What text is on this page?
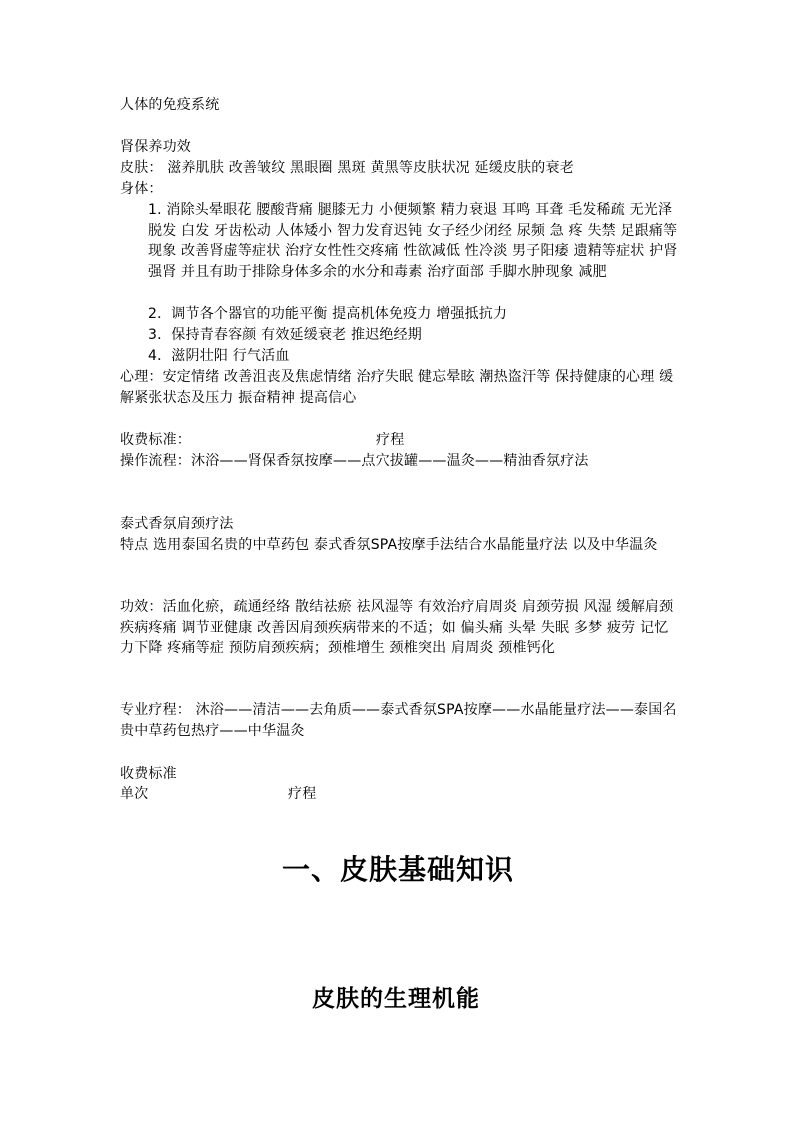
人体的免疫系统
肾保养功效
皮肤： 滋养肌肤 改善皱纹 黑眼圈 黑斑 黄黑等皮肤状况 延缓皮肤的衰老
身体：
1. 消除头晕眼花 腰酸背痛 腿膝无力 小便频繁 精力衰退 耳鸣 耳聋 毛发稀疏 无光泽 脱发 白发 牙齿松动 人体矮小 智力发育迟钝 女子经少闭经 尿频 急 疼 失禁 足跟痛等现象 改善肾虚等症状 治疗女性性交疼痛 性欲减低 性冷淡 男子阳痿 遗精等症状 护肾强肾 并且有助于排除身体多余的水分和毒素 治疗面部 手脚水肿现象 减肥
2．调节各个器官的功能平衡 提高机体免疫力 增强抵抗力
3．保持青春容颜 有效延缓衰老 推迟绝经期
4．滋阴壮阳 行气活血
心理：安定情绪 改善沮丧及焦虑情绪 治疗失眠 健忘晕眩 潮热盗汗等 保持健康的心理 缓解紧张状态及压力 振奋精神 提高信心
收费标准：	疗程
操作流程：沐浴——肾保香氛按摩——点穴拔罐——温灸——精油香氛疗法
泰式香氛肩颈疗法
特点 选用泰国名贵的中草药包 泰式香氛SPA按摩手法结合水晶能量疗法 以及中华温灸
功效：活血化瘀，疏通经络 散结祛瘀 祛风湿等 有效治疗肩周炎 肩颈劳损 风湿 缓解肩颈疾病疼痛 调节亚健康 改善因肩颈疾病带来的不适；如 偏头痛 头晕 失眠 多梦 疲劳 记忆力下降 疼痛等症 预防肩颈疾病；颈椎增生 颈椎突出 肩周炎 颈椎钙化
专业疗程： 沐浴——清洁——去角质——泰式香氛SPA按摩——水晶能量疗法——泰国名贵中草药包热疗——中华温灸
收费标准
单次	疗程
一、皮肤基础知识
皮肤的生理机能
